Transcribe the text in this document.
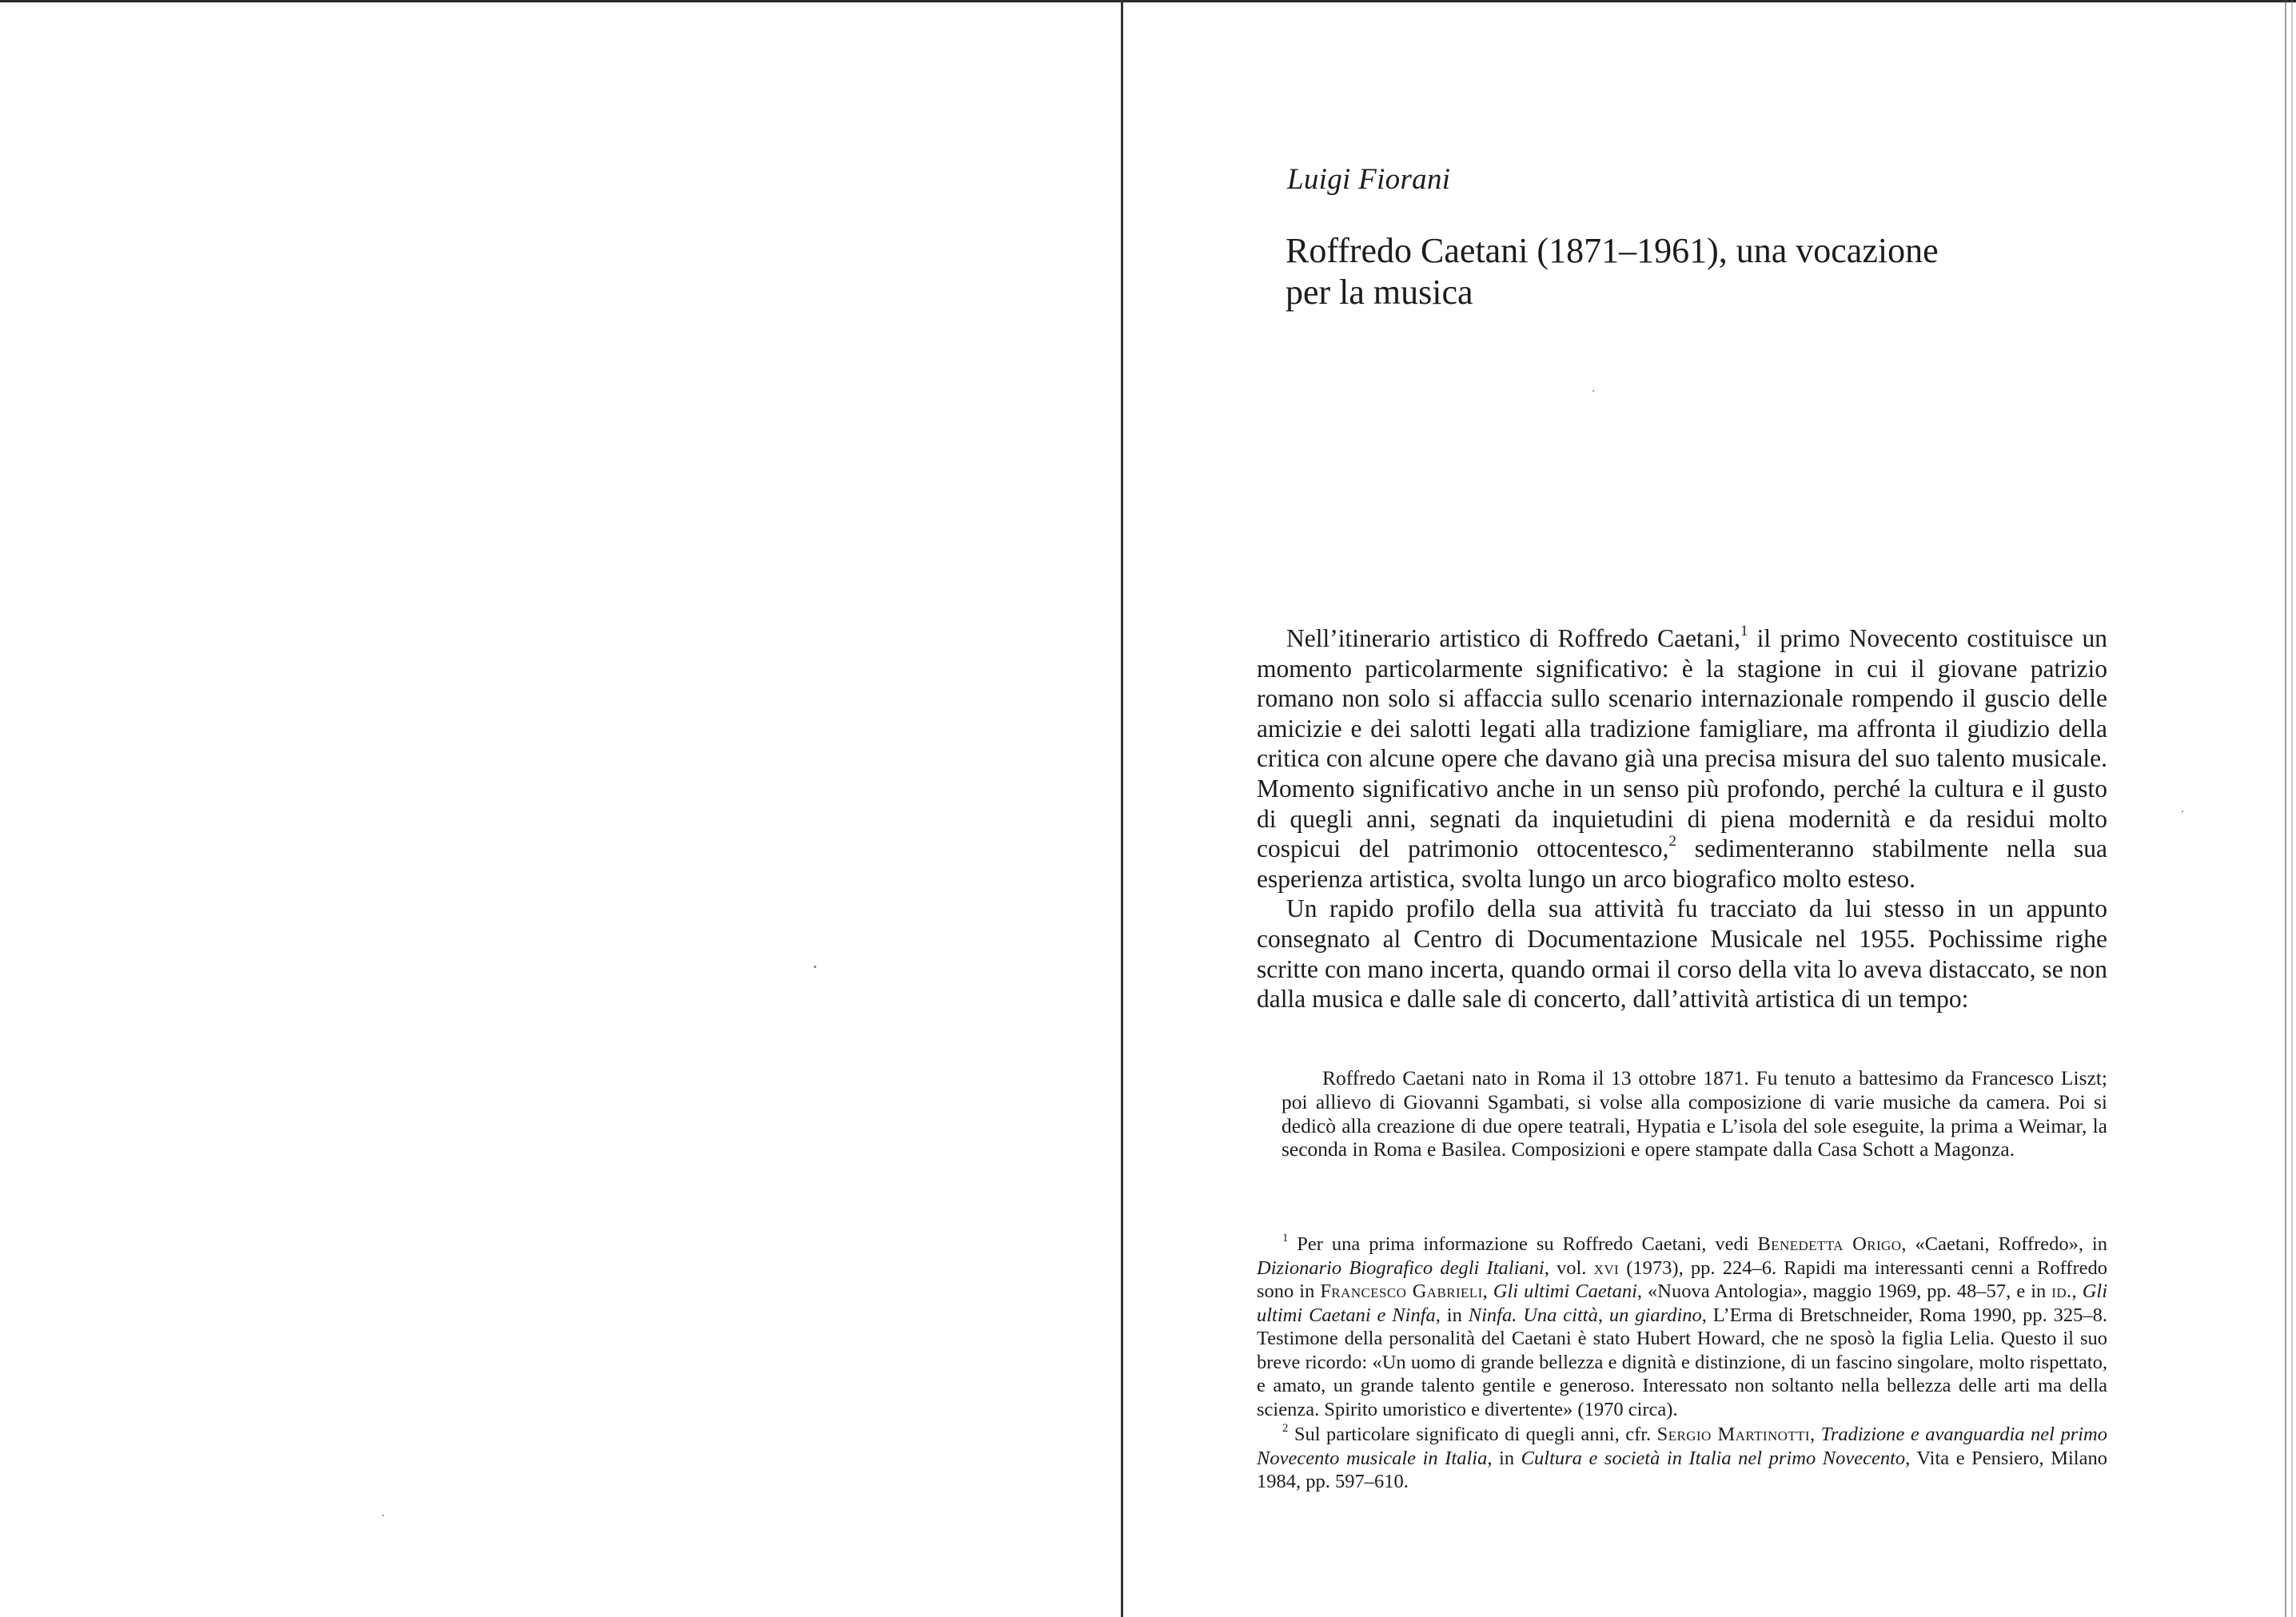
Luigi Fiorani
Roffredo Caetani (1871–1961), una vocazione
per la musica

Nell’itinerario artistico di Roffredo Caetani,$^1$ il primo Novecento costituisce un momento particolarmente significativo: è la stagione in cui il giovane patrizio romano non solo si affaccia sullo scenario internazionale rompendo il guscio delle amicizie e dei salotti legati alla tradizione famigliare, ma affronta il giudizio della critica con alcune opere che davano già una precisa misura del suo talento musicale. Momento significativo anche in un senso più profondo, perché la cultura e il gusto di quegli anni, segnati da inquietudini di piena modernità e da residui molto cospicui del patrimonio ottocentesco,$^2$ sedimenteranno stabilmente nella sua esperienza artistica, svolta lungo un arco biografico molto esteso.

Un rapido profilo della sua attività fu tracciato da lui stesso in un appunto consegnato al Centro di Documentazione Musicale nel 1955. Pochissime righe scritte con mano incerta, quando ormai il corso della vita lo aveva distaccato, se non dalla musica e dalle sale di concerto, dall’attività artistica di un tempo:

Roffredo Caetani nato in Roma il 13 ottobre 1871. Fu tenuto a battesimo da Francesco Liszt; poi allievo di Giovanni Sgambati, si volse alla composizione di varie musiche da camera. Poi si dedicò alla creazione di due opere teatrali, Hypatia e L’isola del sole eseguite, la prima a Weimar, la seconda in Roma e Basilea. Composizioni e opere stampate dalla Casa Schott a Magonza.

$^1$ Per una prima informazione su Roffredo Caetani, vedi Benedetta Origo, «Caetani, Roffredo», in Dizionario Biografico degli Italiani, vol. xvi (1973), pp. 224–6. Rapidi ma interessanti cenni a Roffredo sono in Francesco Gabrieli, Gli ultimi Caetani, «Nuova Antologia», maggio 1969, pp. 48–57, e in id., Gli ultimi Caetani e Ninfa, in Ninfa. Una città, un giardino, L’Erma di Bretschneider, Roma 1990, pp. 325–8. Testimone della personalità del Caetani è stato Hubert Howard, che ne sposò la figlia Lelia. Questo il suo breve ricordo: «Un uomo di grande bellezza e dignità e distinzione, di un fascino singolare, molto rispettato, e amato, un grande talento gentile e generoso. Interessato non soltanto nella bellezza delle arti ma della scienza. Spirito umoristico e divertente» (1970 circa).

$^2$ Sul particolare significato di quegli anni, cfr. Sergio Martinotti, Tradizione e avanguardia nel primo Novecento musicale in Italia, in Cultura e società in Italia nel primo Novecento, Vita e Pensiero, Milano 1984, pp. 597–610.
